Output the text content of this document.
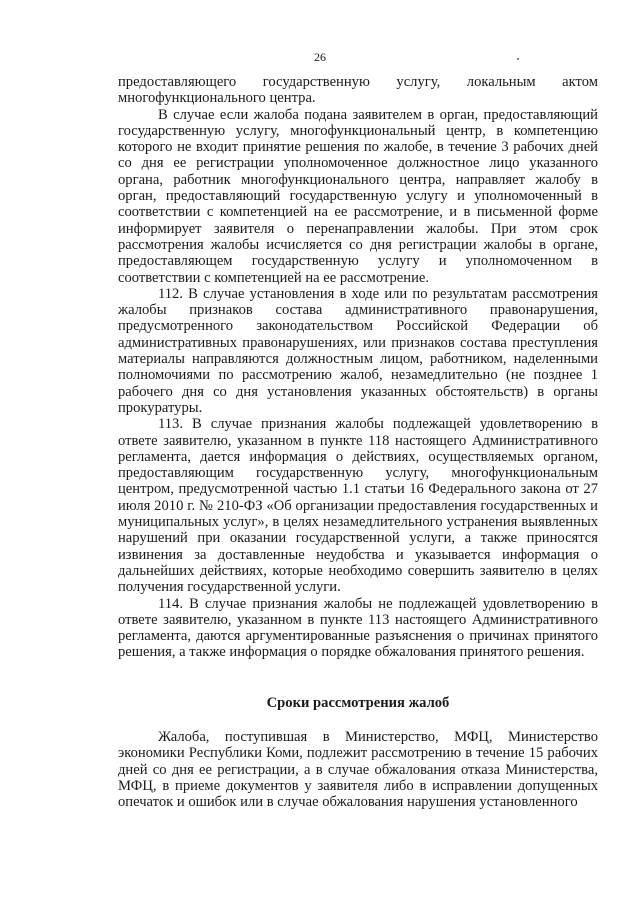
26

предоставляющего государственную услугу, локальным актом многофункционального центра.

В случае если жалоба подана заявителем в орган, предоставляющий государственную услугу, многофункциональный центр, в компетенцию которого не входит принятие решения по жалобе, в течение 3 рабочих дней со дня ее регистрации уполномоченное должностное лицо указанного органа, работник многофункционального центра, направляет жалобу в орган, предоставляющий государственную услугу и уполномоченный в соответствии с компетенцией на ее рассмотрение, и в письменной форме информирует заявителя о перенаправлении жалобы. При этом срок рассмотрения жалобы исчисляется со дня регистрации жалобы в органе, предоставляющем государственную услугу и уполномоченном в соответствии с компетенцией на ее рассмотрение.

112. В случае установления в ходе или по результатам рассмотрения жалобы признаков состава административного правонарушения, предусмотренного законодательством Российской Федерации об административных правонарушениях, или признаков состава преступления материалы направляются должностным лицом, работником, наделенными полномочиями по рассмотрению жалоб, незамедлительно (не позднее 1 рабочего дня со дня установления указанных обстоятельств) в органы прокуратуры.

113. В случае признания жалобы подлежащей удовлетворению в ответе заявителю, указанном в пункте 118 настоящего Административного регламента, дается информация о действиях, осуществляемых органом, предоставляющим государственную услугу, многофункциональным центром, предусмотренной частью 1.1 статьи 16 Федерального закона от 27 июля 2010 г. № 210-ФЗ «Об организации предоставления государственных и муниципальных услуг», в целях незамедлительного устранения выявленных нарушений при оказании государственной услуги, а также приносятся извинения за доставленные неудобства и указывается информация о дальнейших действиях, которые необходимо совершить заявителю в целях получения государственной услуги.

114. В случае признания жалобы не подлежащей удовлетворению в ответе заявителю, указанном в пункте 113 настоящего Административного регламента, даются аргументированные разъяснения о причинах принятого решения, а также информация о порядке обжалования принятого решения.

Сроки рассмотрения жалоб

Жалоба, поступившая в Министерство, МФЦ, Министерство экономики Республики Коми, подлежит рассмотрению в течение 15 рабочих дней со дня ее регистрации, а в случае обжалования отказа Министерства, МФЦ, в приеме документов у заявителя либо в исправлении допущенных опечаток и ошибок или в случае обжалования нарушения установленного
